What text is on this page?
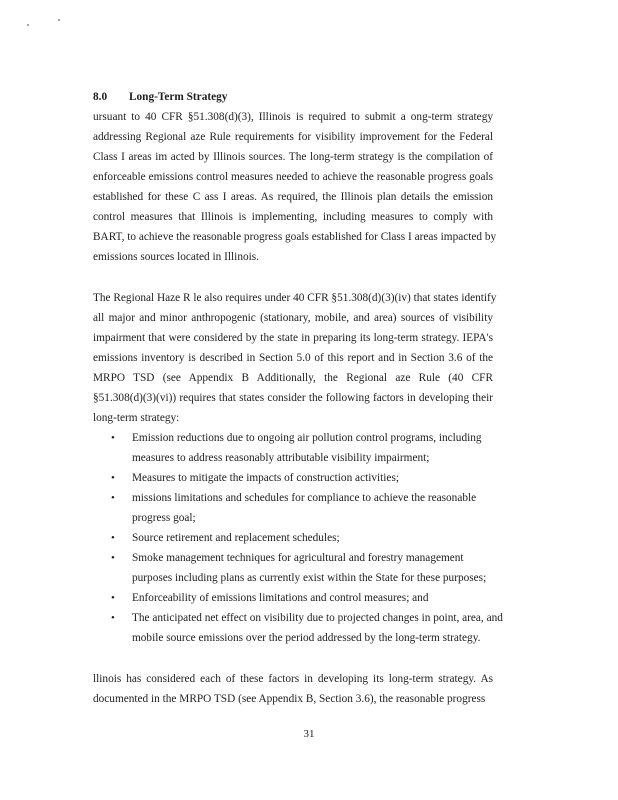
8.0 Long-Term Strategy

ursuant to 40 CFR §51.308(d)(3), Illinois is required to submit a ong-term strategy
addressing Regional aze Rule requirements for visibility improvement for the Federal
Class I areas im acted by Illinois sources. The long-term strategy is the compilation of
enforceable emissions control measures needed to achieve the reasonable progress goals
established for these C ass I areas. As required, the Illinois plan details the emission
control measures that Illinois is implementing, including measures to comply with
BART, to achieve the reasonable progress goals established for Class I areas impacted by
emissions sources located in Illinois.

The Regional Haze R le also requires under 40 CFR §51.308(d)(3)(iv) that states identify
all major and minor anthropogenic (stationary, mobile, and area) sources of visibility
impairment that were considered by the state in preparing its long-term strategy. IEPA's
emissions inventory is described in Section 5.0 of this report and in Section 3.6 of the
MRPO TSD (see Appendix B Additionally, the Regional aze Rule (40 CFR
§51.308(d)(3)(vi)) requires that states consider the following factors in developing their
long-term strategy:

• Emission reductions due to ongoing air pollution control programs, including
measures to address reasonably attributable visibility impairment;
• Measures to mitigate the impacts of construction activities;
• missions limitations and schedules for compliance to achieve the reasonable
progress goal;
• Source retirement and replacement schedules;
• Smoke management techniques for agricultural and forestry management
purposes including plans as currently exist within the State for these purposes;
• Enforceability of emissions limitations and control measures; and
• The anticipated net effect on visibility due to projected changes in point, area, and
mobile source emissions over the period addressed by the long-term strategy.

llinois has considered each of these factors in developing its long-term strategy. As
documented in the MRPO TSD (see Appendix B, Section 3.6), the reasonable progress

31
